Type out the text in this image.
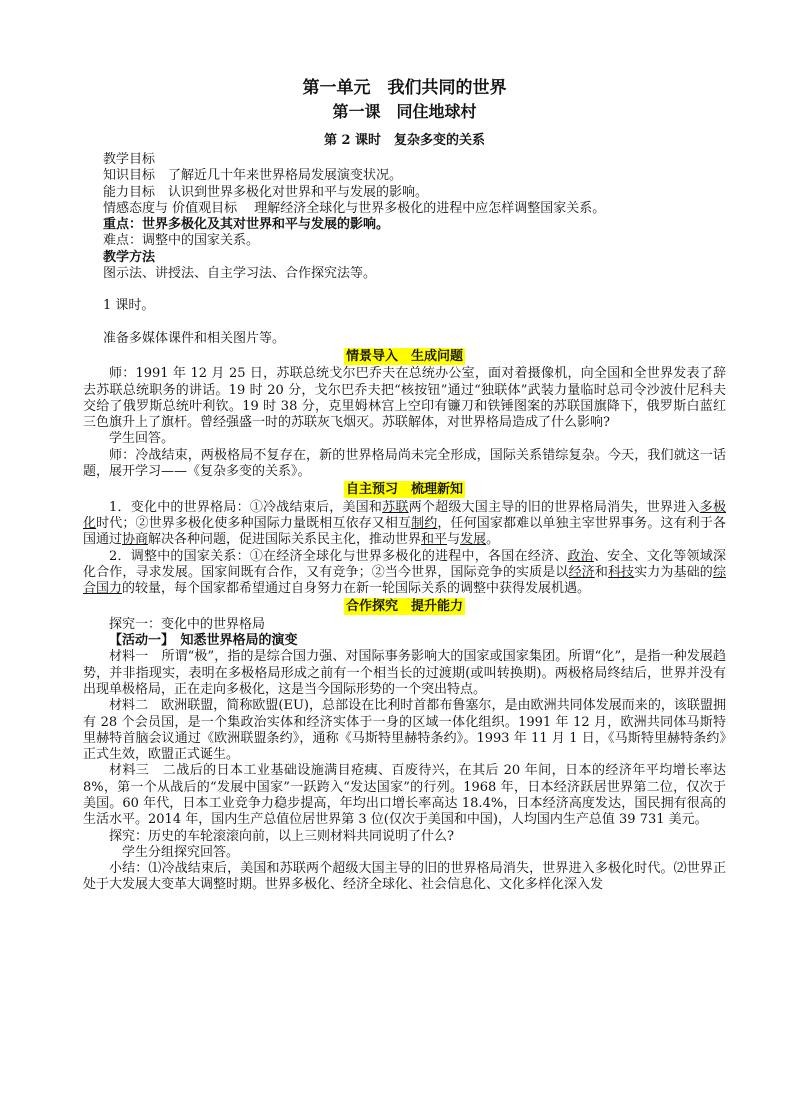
第一单元　我们共同的世界
第一课　同住地球村
第 2 课时　复杂多变的关系

教学目标

知识目标　了解近几十年来世界格局发展演变状况。

能力目标　认识到世界多极化对世界和平与发展的影响。

情感态度与 价值观目标　 理解经济全球化与世界多极化的进程中应怎样调整国家关系。

重点：世界多极化及其对世界和平与发展的影响。

难点：调整中的国家关系。

教学方法

图示法、讲授法、自主学习法、合作探究法等。

1 课时。

准备多媒体课件和相关图片等。

情景导入　生成问题

师：1991 年 12 月 25 日，苏联总统戈尔巴乔夫在总统办公室，面对着摄像机，向全国和全世界发表了辞去苏联总统职务的讲话。19 时 20 分，戈尔巴乔夫把“核按钮”通过“独联体”武装力量临时总司令沙波什尼科夫交给了俄罗斯总统叶利钦。19 时 38 分，克里姆林宫上空印有镰刀和铁锤图案的苏联国旗降下，俄罗斯白蓝红三色旗升上了旗杆。曾经强盛一时的苏联灰飞烟灭。苏联解体，对世界格局造成了什么影响?

学生回答。

师：冷战结束，两极格局不复存在，新的世界格局尚未完全形成，国际关系错综复杂。今天，我们就这一话题，展开学习——《复杂多变的关系》。

自主预习　梳理新知

1．变化中的世界格局：①冷战结束后，美国和苏联两个超级大国主导的旧的世界格局消失，世界进入多极化时代；②世界多极化使多种国际力量既相互依存又相互制约，任何国家都难以单独主宰世界事务。这有利于各国通过协商解决各种问题，促进国际关系民主化，推动世界和平与发展。

2．调整中的国家关系：①在经济全球化与世界多极化的进程中，各国在经济、政治、安全、文化等领域深化合作，寻求发展。国家间既有合作，又有竞争；②当今世界，国际竞争的实质是以经济和科技实力为基础的综合国力的较量，每个国家都希望通过自身努力在新一轮国际关系的调整中获得发展机遇。

合作探究　提升能力

探究一：变化中的世界格局

【活动一】　知悉世界格局的演变

材料一　所谓“极”，指的是综合国力强、对国际事务影响大的国家或国家集团。所谓“化”，是指一种发展趋势，并非指现实，表明在多极格局形成之前有一个相当长的过渡期(或叫转换期)。两极格局终结后，世界并没有出现单极格局，正在走向多极化，这是当今国际形势的一个突出特点。

材料二　欧洲联盟，简称欧盟(EU)，总部设在比利时首都布鲁塞尔，是由欧洲共同体发展而来的，该联盟拥有 28 个会员国，是一个集政治实体和经济实体于一身的区域一体化组织。1991 年 12 月，欧洲共同体马斯特里赫特首脑会议通过《欧洲联盟条约》，通称《马斯特里赫特条约》。1993 年 11 月 1 日，《马斯特里赫特条约》正式生效，欧盟正式诞生。

材料三　二战后的日本工业基础设施满目疮痍、百废待兴，在其后 20 年间，日本的经济年平均增长率达 8%，第一个从战后的“发展中国家”一跃跨入“发达国家”的行列。1968 年，日本经济跃居世界第二位，仅次于美国。60 年代，日本工业竞争力稳步提高，年均出口增长率高达 18.4%，日本经济高度发达，国民拥有很高的生活水平。2014 年，国内生产总值位居世界第 3 位(仅次于美国和中国)，人均国内生产总值 39 731 美元。

探究：历史的车轮滚滚向前，以上三则材料共同说明了什么?

学生分组探究回答。

小结：⑴冷战结束后，美国和苏联两个超级大国主导的旧的世界格局消失，世界进入多极化时代。⑵世界正处于大发展大变革大调整时期。世界多极化、经济全球化、社会信息化、文化多样化深入发
